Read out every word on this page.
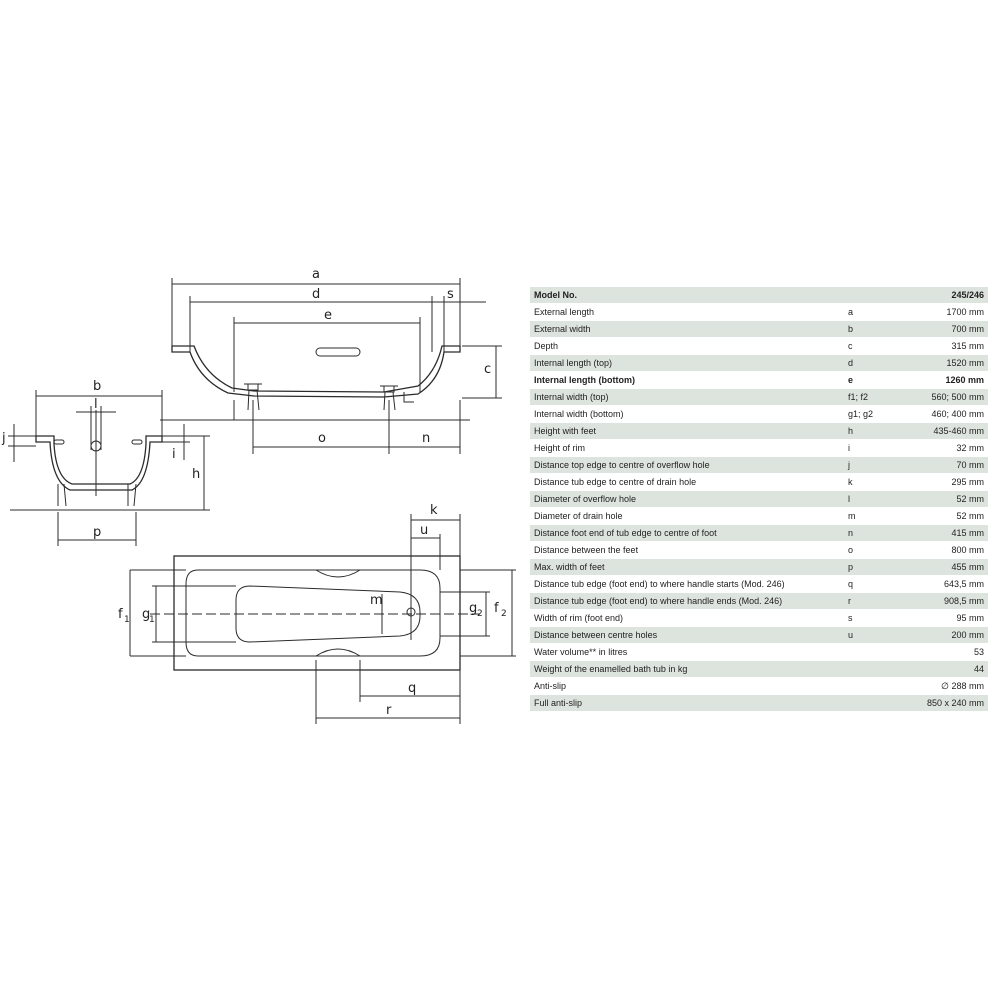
a
d	s
e
c
o	n
b
l
j
i
h
p
k
u
m
f 1 g
1
g 2 f 2
q
r
Model No.		245/246
External length	a	1700 mm
External width	b	700 mm
Depth	c	315 mm
Internal length (top)	d	1520 mm
Internal length (bottom)	e	1260 mm
Internal width (top)	f1; f2	560; 500 mm
Internal width (bottom)	g1; g2	460; 400 mm
Height with feet	h	435-460 mm
Height of rim	i	32 mm
Distance top edge to centre of overflow hole	j	70 mm
Distance tub edge to centre of drain hole	k	295 mm
Diameter of overflow hole	l	52 mm
Diameter of drain hole	m	52 mm
Distance foot end of tub edge to centre of foot	n	415 mm
Distance between the feet	o	800 mm
Max. width of feet	p	455 mm
Distance tub edge (foot end) to where handle starts (Mod. 246)	q	643,5 mm
Distance tub edge (foot end) to where handle ends (Mod. 246)	r	908,5 mm
Width of rim (foot end)	s	95 mm
Distance between centre holes	u	200 mm
Water volume** in litres		53
Weight of the enamelled bath tub in kg		44
Anti-slip		∅ 288 mm
Full anti-slip		850 x 240 mm
